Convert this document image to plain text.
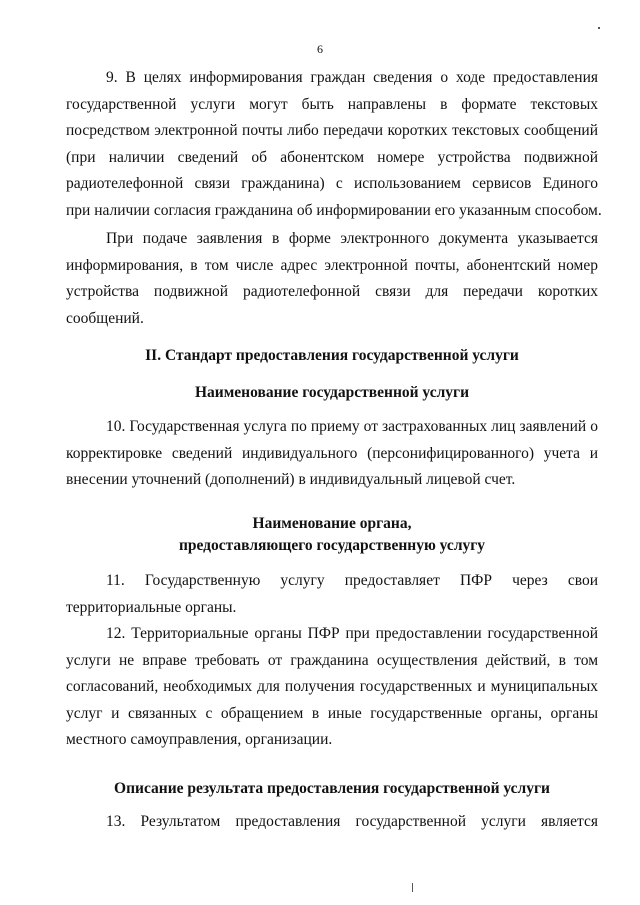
6
9. В целях информирования граждан сведения о ходе предоставления
государственной услуги могут быть направлены в формате текстовых
посредством электронной почты либо передачи коротких текстовых сообщений
(при наличии сведений об абонентском номере устройства подвижной
радиотелефонной связи гражданина) с использованием сервисов Единого
при наличии согласия гражданина об информировании его указанным способом.
При подаче заявления в форме электронного документа указывается
информирования, в том числе адрес электронной почты, абонентский номер
устройства подвижной радиотелефонной связи для передачи коротких
сообщений.
II. Стандарт предоставления государственной услуги
Наименование государственной услуги
10. Государственная услуга по приему от застрахованных лиц заявлений о
корректировке сведений индивидуального (персонифицированного) учета и
внесении уточнений (дополнений) в индивидуальный лицевой счет.
Наименование органа,
предоставляющего государственную услугу
11. Государственную услугу предоставляет ПФР через свои
территориальные органы.
12. Территориальные органы ПФР при предоставлении государственной
услуги не вправе требовать от гражданина осуществления действий, в том
согласований, необходимых для получения государственных и муниципальных
услуг и связанных с обращением в иные государственные органы, органы
местного самоуправления, организации.
Описание результата предоставления государственной услуги
13. Результатом предоставления государственной услуги является
